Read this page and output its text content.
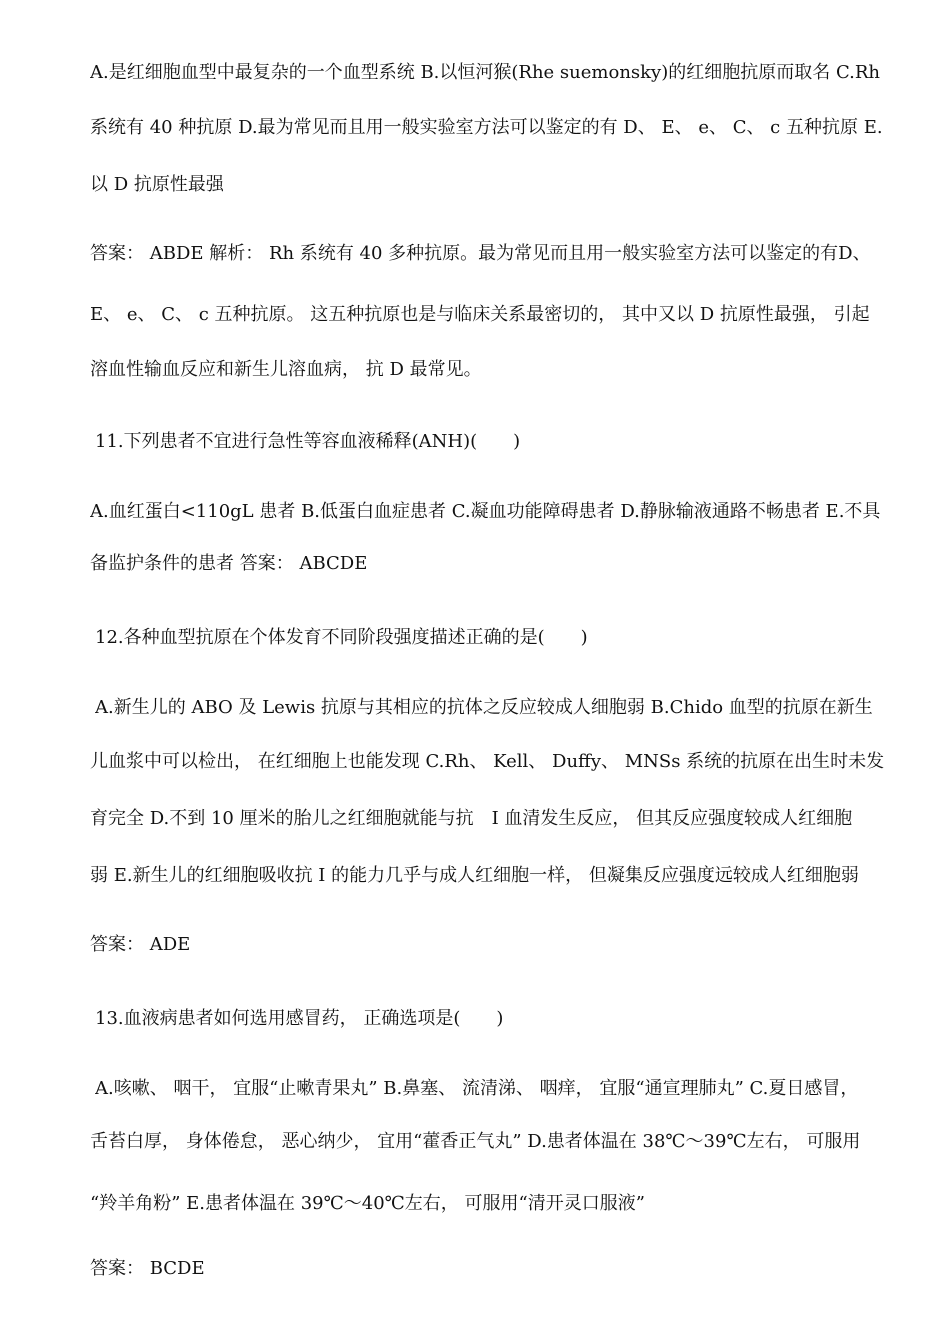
A.是红细胞血型中最复杂的一个血型系统 B.以恒河猴(Rhe suemonsky)的红细胞抗原而取名 C.Rh
系统有 40 种抗原 D.最为常见而且用一般实验室方法可以鉴定的有 D、 E、 e、 C、 c 五种抗原 E.
以 D 抗原性最强
答案： ABDE 解析： Rh 系统有 40 多种抗原。最为常见而且用一般实验室方法可以鉴定的有D、
E、 e、 C、 c 五种抗原。 这五种抗原也是与临床关系最密切的， 其中又以 D 抗原性最强， 引起
溶血性输血反应和新生儿溶血病， 抗 D 最常见。
11.下列患者不宜进行急性等容血液稀释(ANH)(　　)
A.血红蛋白<110gL 患者 B.低蛋白血症患者 C.凝血功能障碍患者 D.静脉输液通路不畅患者 E.不具
备监护条件的患者 答案： ABCDE
12.各种血型抗原在个体发育不同阶段强度描述正确的是(　　)
A.新生儿的 ABO 及 Lewis 抗原与其相应的抗体之反应较成人细胞弱 B.Chido 血型的抗原在新生
儿血浆中可以检出， 在红细胞上也能发现 C.Rh、 Kell、 Duffy、 MNSs 系统的抗原在出生时未发
育完全 D.不到 10 厘米的胎儿之红细胞就能与抗　I 血清发生反应， 但其反应强度较成人红细胞
弱 E.新生儿的红细胞吸收抗 I 的能力几乎与成人红细胞一样， 但凝集反应强度远较成人红细胞弱
答案： ADE
13.血液病患者如何选用感冒药， 正确选项是(　　)
A.咳嗽、 咽干， 宜服“止嗽青果丸” B.鼻塞、 流清涕、 咽痒， 宜服“通宣理肺丸” C.夏日感冒，
舌苔白厚， 身体倦怠， 恶心纳少， 宜用“藿香正气丸” D.患者体温在 38℃～39℃左右， 可服用
“羚羊角粉” E.患者体温在 39℃～40℃左右， 可服用“清开灵口服液”
答案： BCDE
